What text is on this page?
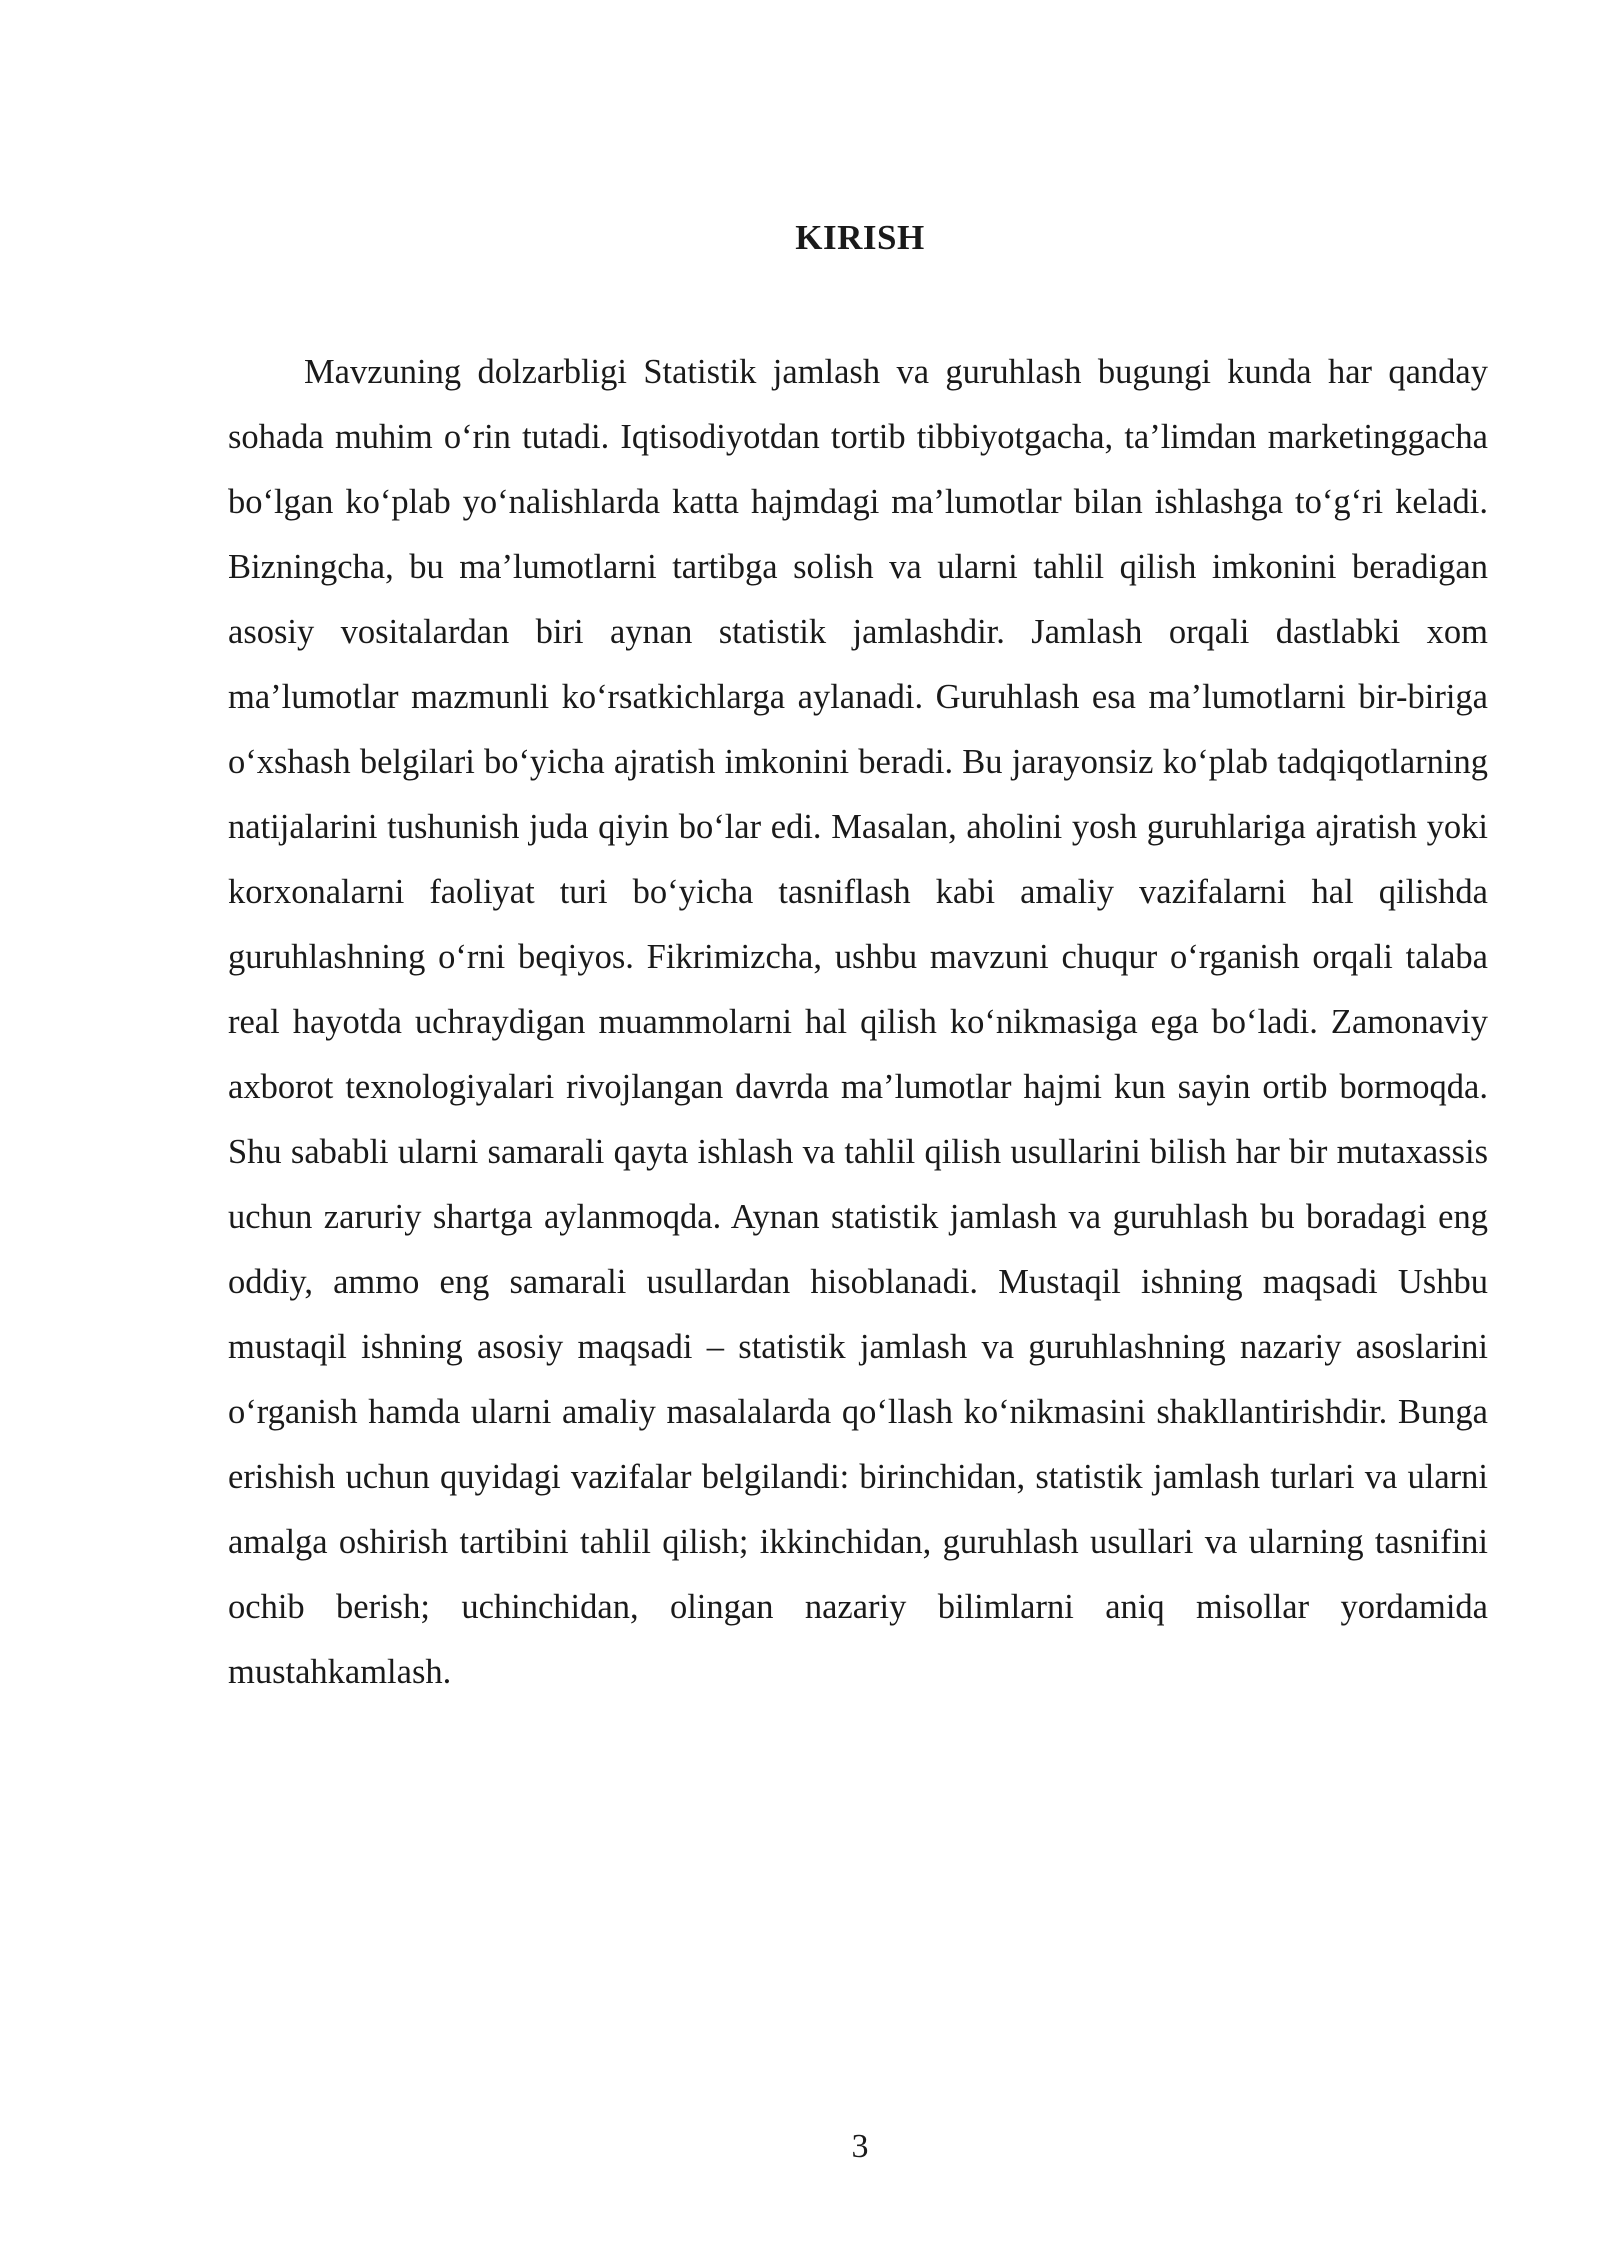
KIRISH

Mavzuning dolzarbligi Statistik jamlash va guruhlash bugungi kunda har qanday sohada muhim o‘rin tutadi. Iqtisodiyotdan tortib tibbiyotgacha, ta’limdan marketinggacha bo‘lgan ko‘plab yo‘nalishlarda katta hajmdagi ma’lumotlar bilan ishlashga to‘g‘ri keladi. Bizningcha, bu ma’lumotlarni tartibga solish va ularni tahlil qilish imkonini beradigan asosiy vositalardan biri aynan statistik jamlashdir. Jamlash orqali dastlabki xom ma’lumotlar mazmunli ko‘rsatkichlarga aylanadi. Guruhlash esa ma’lumotlarni bir-biriga o‘xshash belgilari bo‘yicha ajratish imkonini beradi. Bu jarayonsiz ko‘plab tadqiqotlarning natijalarini tushunish juda qiyin bo‘lar edi. Masalan, aholini yosh guruhlariga ajratish yoki korxonalarni faoliyat turi bo‘yicha tasniflash kabi amaliy vazifalarni hal qilishda guruhlashning o‘rni beqiyos. Fikrimizcha, ushbu mavzuni chuqur o‘rganish orqali talaba real hayotda uchraydigan muammolarni hal qilish ko‘nikmasiga ega bo‘ladi. Zamonaviy axborot texnologiyalari rivojlangan davrda ma’lumotlar hajmi kun sayin ortib bormoqda. Shu sababli ularni samarali qayta ishlash va tahlil qilish usullarini bilish har bir mutaxassis uchun zaruriy shartga aylanmoqda. Aynan statistik jamlash va guruhlash bu boradagi eng oddiy, ammo eng samarali usullardan hisoblanadi. Mustaqil ishning maqsadi Ushbu mustaqil ishning asosiy maqsadi – statistik jamlash va guruhlashning nazariy asoslarini o‘rganish hamda ularni amaliy masalalarda qo‘llash ko‘nikmasini shakllantirishdir. Bunga erishish uchun quyidagi vazifalar belgilandi: birinchidan, statistik jamlash turlari va ularni amalga oshirish tartibini tahlil qilish; ikkinchidan, guruhlash usullari va ularning tasnifini ochib berish; uchinchidan, olingan nazariy bilimlarni aniq misollar yordamida mustahkamlash.

3
